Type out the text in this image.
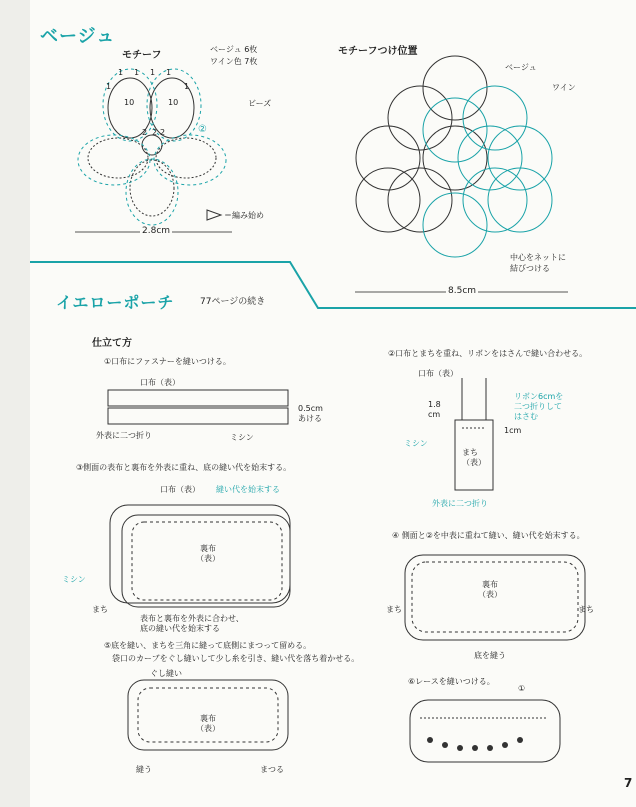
ベージュ
モチーフ
ベージュ 6枚
ワイン色 7枚
ビーズ
②
＝編み始め
2.8cm
1 1 1 1
1	1
10	10
2 2 2
モチーフつけ位置
ベージュ
ワイン
中心をネットに
結びつける
8.5cm
イエローポーチ	77ページの続き
仕立て方
①口布にファスナーを縫いつける。
口布（表）
0.5cm
あける
外表に二つ折り	ミシン
②口布とまちを重ね、リボンをはさんで縫い合わせる。
口布（表）
1.8
cm
リボン6cmを
二つ折りして
はさむ
1cm
ミシン
まち
（表）
外表に二つ折り
③側面の表布と裏布を外表に重ね、底の縫い代を始末する。
口布（表） 縫い代を始末する
裏布
（表）
ミシン
まち
表布と裏布を外表に合わせ、
底の縫い代を始末する
④ 側面と②を中表に重ねて縫い、縫い代を始末する。
裏布
（表）
まち	まち
底を縫う
⑤底を縫い、まちを三角に縫って底側にまつって留める。
袋口のカーブをぐし縫いして少し糸を引き、縫い代を落ち着かせる。
ぐし縫い
裏布
（表）
縫う	まつる
⑥レースを縫いつける。
①
7
